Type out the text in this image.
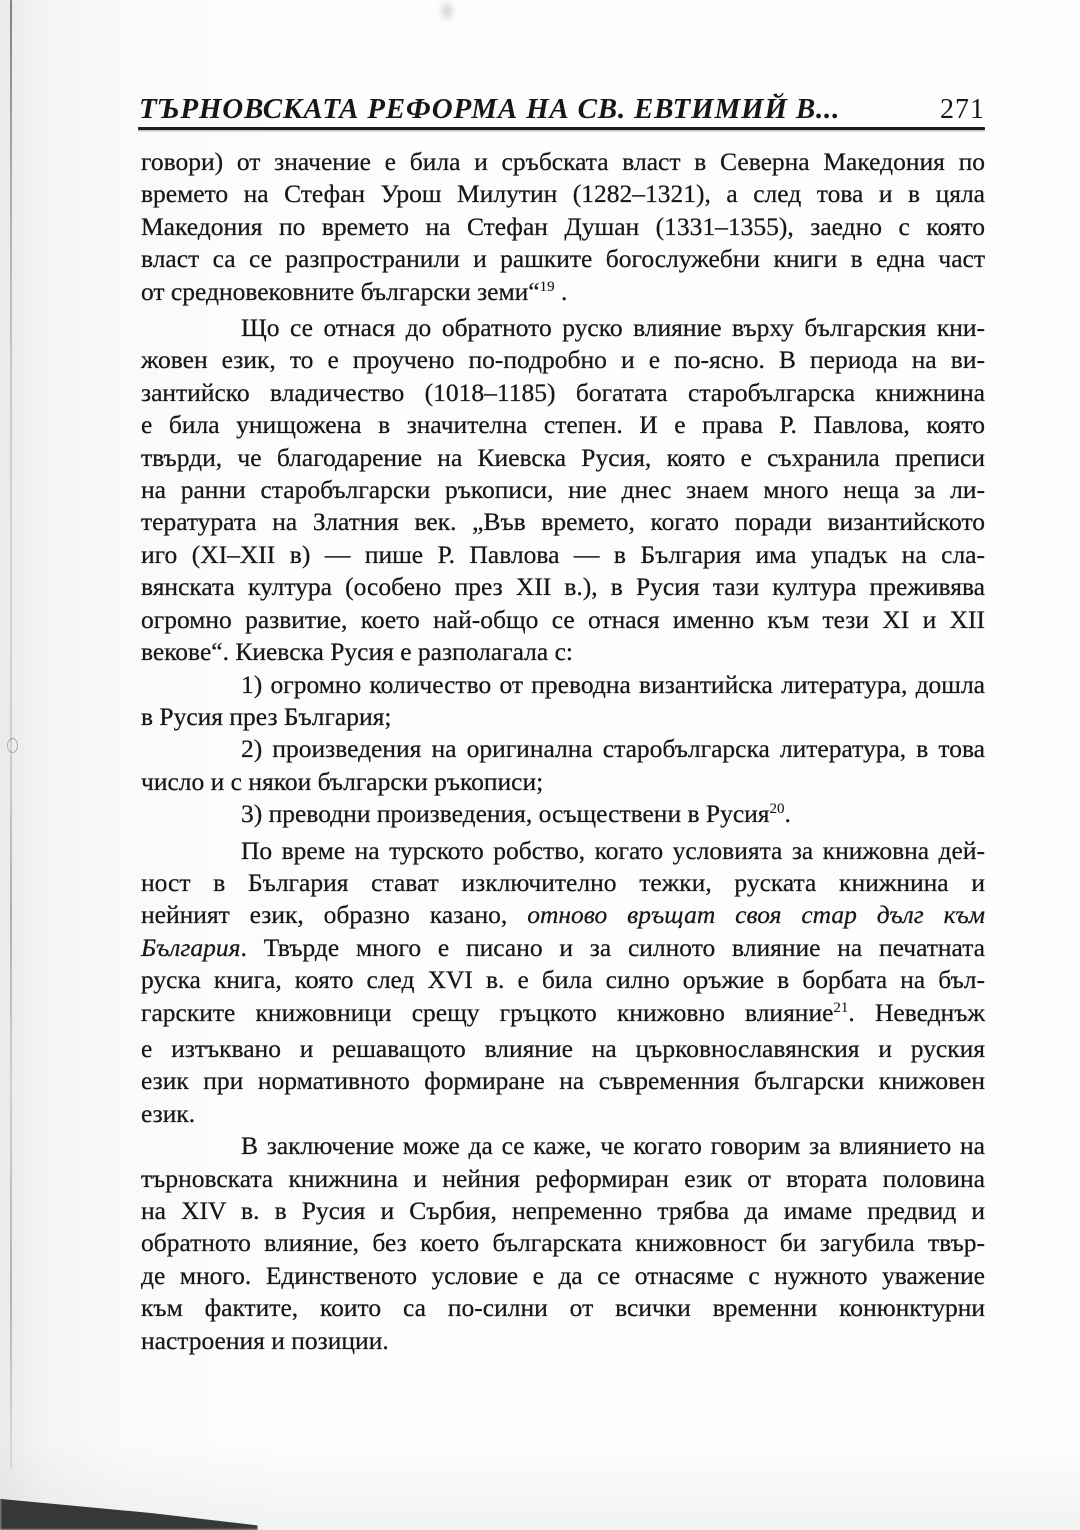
ТЪРНОВСКАТА РЕФОРМА НА СВ. ЕВТИМИЙ В...	271
говори) от значение е била и сръбската власт в Северна Македония по
времето на Стефан Урош Милутин (1282–1321), а след това и в цяла
Македония по времето на Стефан Душан (1331–1355), заедно с която
власт са се разпространили и рашките богослужебни книги в една част
от средновековните български земи“$^{19}$ .
Що се отнася до обратното руско влияние върху българския кни-
жовен език, то е проучено по-подробно и е по-ясно. В периода на ви-
зантийско владичество (1018–1185) богатата старобългарска книжнина
е била унищожена в значителна степен. И е права Р. Павлова, която
твърди, че благодарение на Киевска Русия, която е съхранила преписи
на ранни старобългарски ръкописи, ние днес знаем много неща за ли-
тературата на Златния век. „Във времето, когато поради византийското
иго (XI–XII в) — пише Р. Павлова — в България има упадък на сла-
вянската култура (особено през XII в.), в Русия тази култура преживява
огромно развитие, което най-общо се отнася именно към тези XI и XII
векове“. Киевска Русия е разполагала с:
1) огромно количество от преводна византийска литература, дошла
в Русия през България;
2) произведения на оригинална старобългарска литература, в това
число и с някои български ръкописи;
3) преводни произведения, осъществени в Русия$^{20}$.
По време на турското робство, когато условията за книжовна дей-
ност в България стават изключително тежки, руската книжнина и
нейният език, образно казано, отново връщат своя стар дълг към
България. Твърде много е писано и за силното влияние на печатната
руска книга, която след XVI в. е била силно оръжие в борбата на бъл-
гарските книжовници срещу гръцкото книжовно влияние$^{21}$. Неведнъж
е изтъквано и решаващото влияние на църковнославянския и руския
език при нормативното формиране на съвременния български книжовен
език.
В заключение може да се каже, че когато говорим за влиянието на
търновската книжнина и нейния реформиран език от втората половина
на XIV в. в Русия и Сърбия, непременно трябва да имаме предвид и
обратното влияние, без което българската книжовност би загубила твър-
де много. Единственото условие е да се отнасяме с нужното уважение
към фактите, които са по-силни от всички временни конюнктурни
настроения и позиции.
